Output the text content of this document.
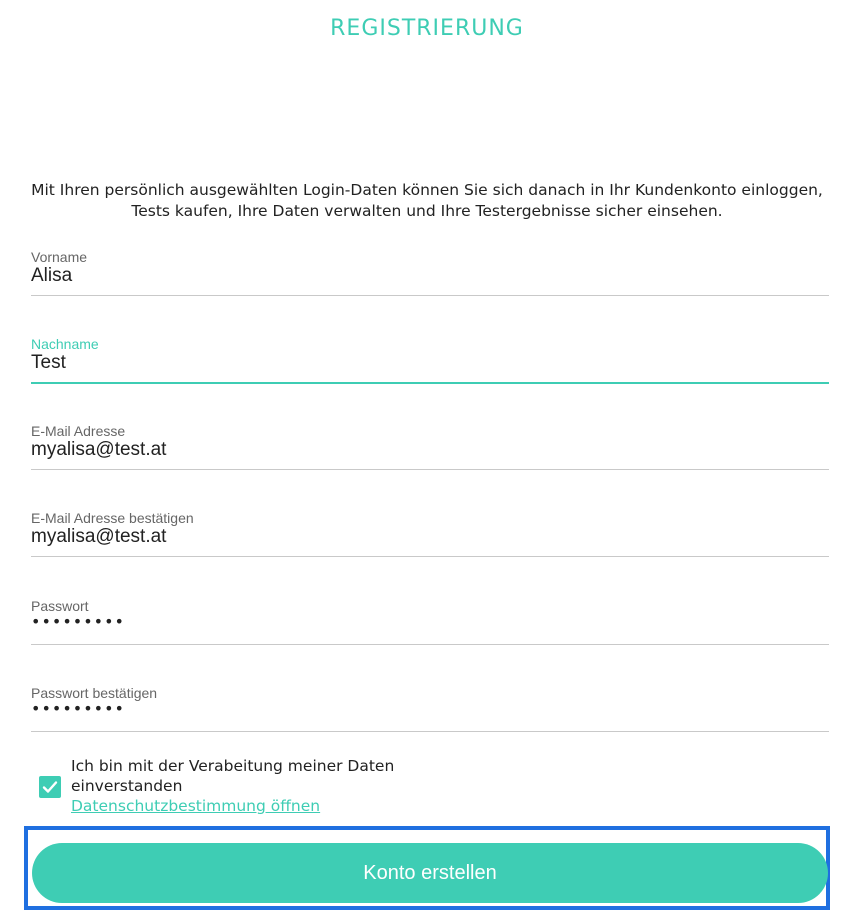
REGISTRIERUNG
Mit Ihren persönlich ausgewählten Login-Daten können Sie sich danach in Ihr Kundenkonto einloggen, Tests kaufen, Ihre Daten verwalten und Ihre Testergebnisse sicher einsehen.
Vorname
Alisa
Nachname
Test
E-Mail Adresse
myalisa@test.at
E-Mail Adresse bestätigen
myalisa@test.at
Passwort
•••••••••
Passwort bestätigen
•••••••••
Ich bin mit der Verabeitung meiner Daten einverstanden
Datenschutzbestimmung öffnen
Konto erstellen
